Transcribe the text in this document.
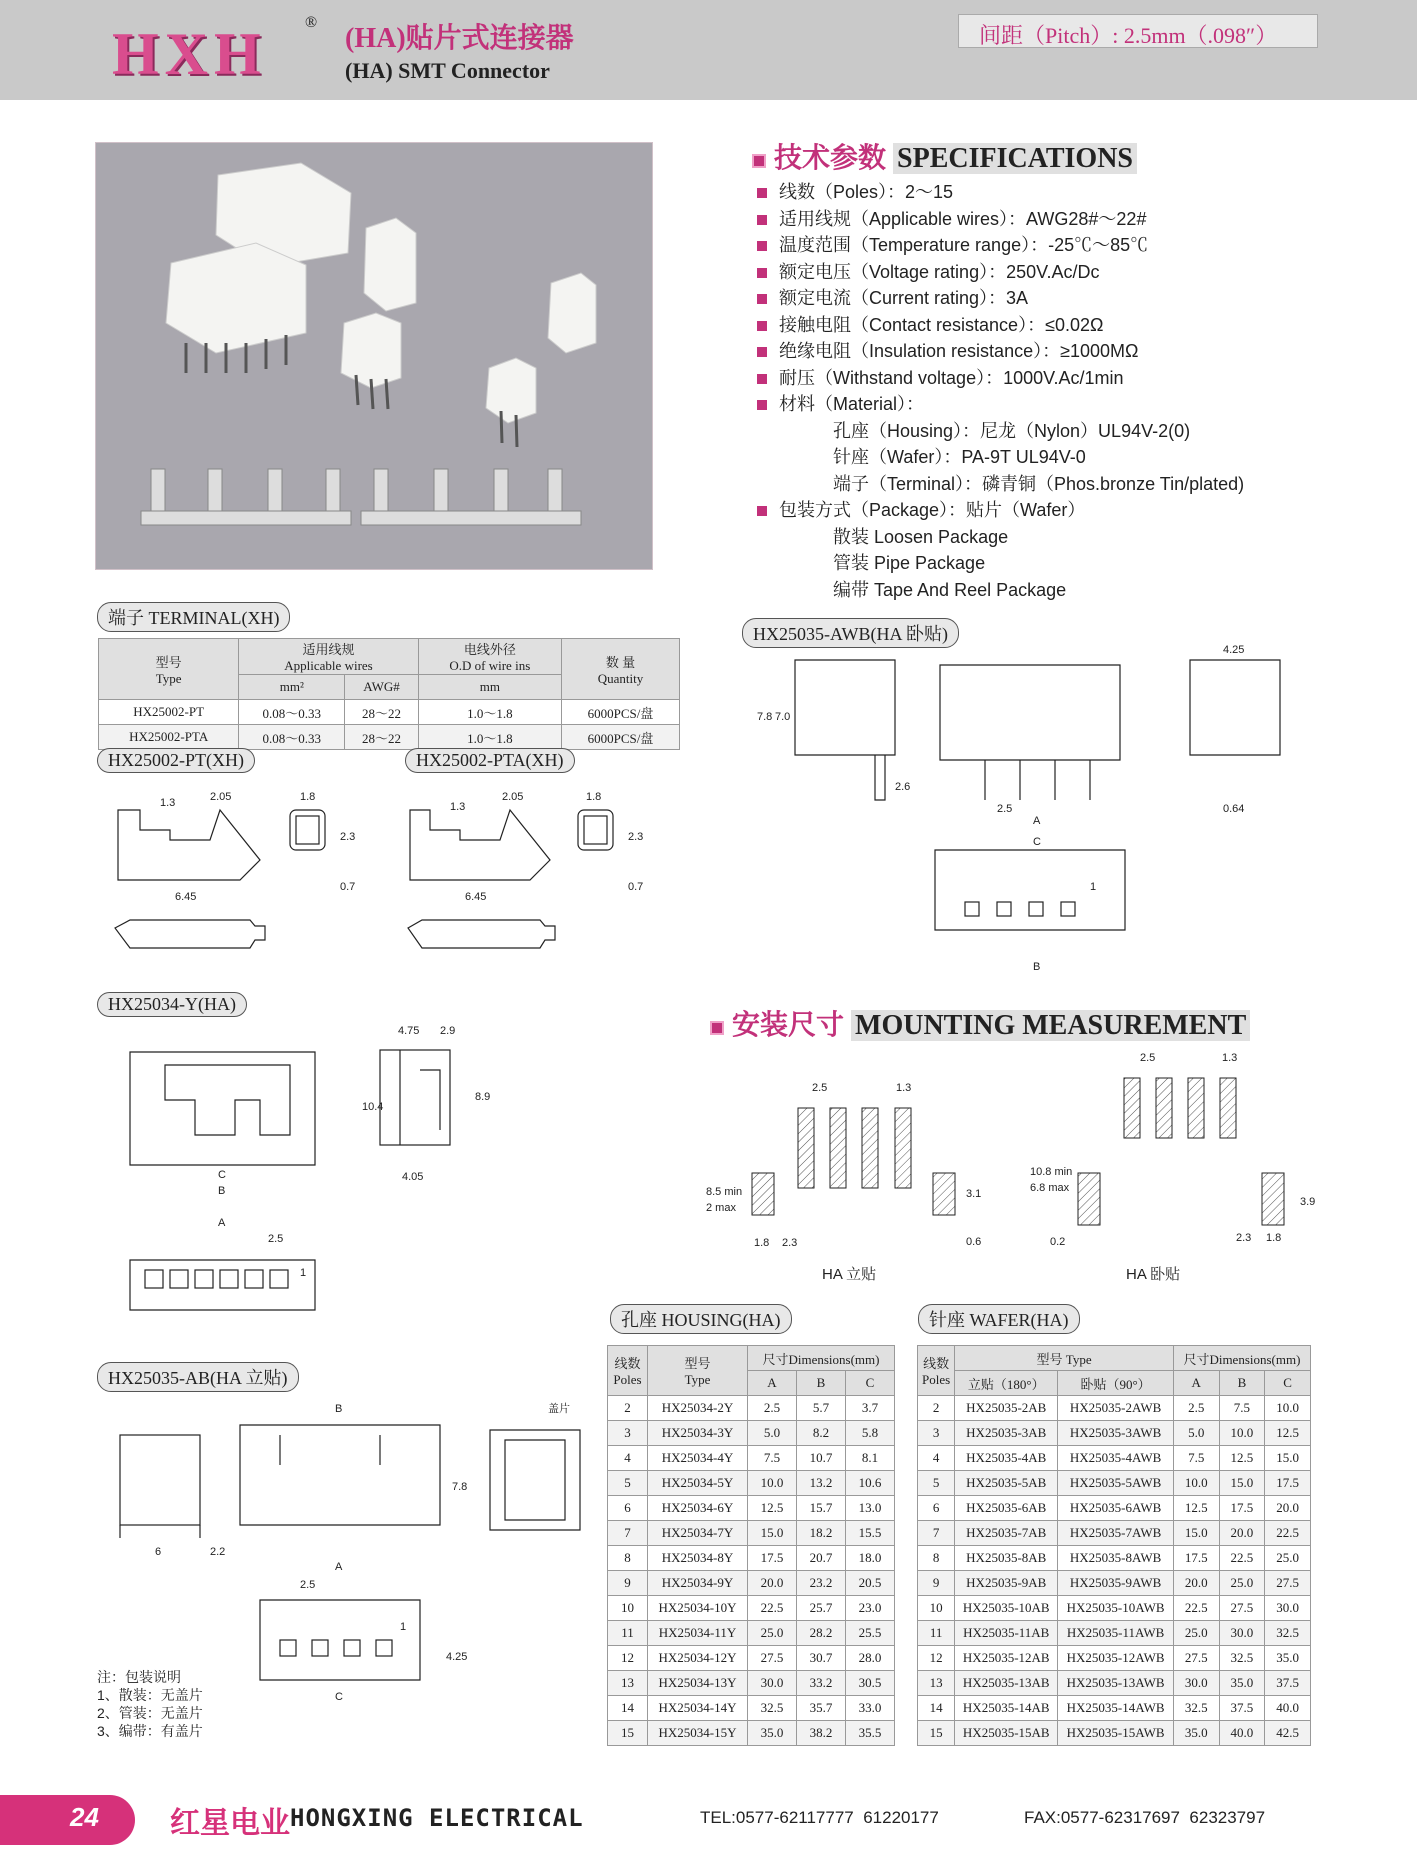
HXH ®
(HA)贴片式连接器
(HA) SMT Connector
间距（Pitch）: 2.5mm（.098″）
技术参数 SPECIFICATIONS
线数（Poles）：2～15
适用线规（Applicable wires）：AWG28#～22#
温度范围（Temperature range）：-25℃～85℃
额定电压（Voltage rating）：250V.Ac/Dc
额定电流（Current rating）：3A
接触电阻（Contact resistance）：≤0.02Ω
绝缘电阻（Insulation resistance）：≥1000MΩ
耐压（Withstand voltage）：1000V.Ac/1min
材料（Material）：
孔座（Housing）：尼龙（Nylon）UL94V-2(0)
针座（Wafer）：PA-9T UL94V-0
端子（Terminal）：磷青铜（Phos.bronze Tin/plated)
包装方式（Package）：贴片（Wafer）
散装 Loosen Package
管装 Pipe Package
编带 Tape And Reel Package
端子 TERMINAL(XH)
型号
Type	适用线规
Applicable wires		电线外径
O.D of wire ins	数 量
Quantity
	mm²	AWG#	mm	
HX25002-PT	0.08～0.33	28～22	1.0～1.8	6000PCS/盘
HX25002-PTA	0.08～0.33	28～22	1.0～1.8	6000PCS/盘
HX25002-PT(XH)	HX25002-PTA(XH)
1.3	2.05	1.8
2.3
6.45
0.7
1.3
2.05	1.8
2.3
6.45
0.7
HX25034-Y(HA)
4.75 2.9
10.4
8.9
4.05
C
B
A
2.5
1
HX25035-AB(HA 立贴)
B
7.8
6	2.2
A
2.5
4.25
C
1
盖片
注：包装说明
1、散装：无盖片
2、管装：无盖片
3、编带：有盖片
HX25035-AWB(HA 卧贴)
7.8 7.0
2.6
2.5
A
4.25
0.64
C
B
1
安装尺寸 MOUNTING MEASUREMENT
2.5	1.3
8.5 min
2 max
3.1
1.8 2.3	0.6
2.5	1.3
10.8 min
6.8 max
3.9
0.2	2.3 1.8
HA 立贴	HA 卧贴
孔座 HOUSING(HA)
线数
Poles	型号
Type	尺寸Dimensions(mm)		
		A	B	C
2	HX25034-2Y	2.5	5.7	3.7
3	HX25034-3Y	5.0	8.2	5.8
4	HX25034-4Y	7.5	10.7	8.1
5	HX25034-5Y	10.0	13.2	10.6
6	HX25034-6Y	12.5	15.7	13.0
7	HX25034-7Y	15.0	18.2	15.5
8	HX25034-8Y	17.5	20.7	18.0
9	HX25034-9Y	20.0	23.2	20.5
10	HX25034-10Y	22.5	25.7	23.0
11	HX25034-11Y	25.0	28.2	25.5
12	HX25034-12Y	27.5	30.7	28.0
13	HX25034-13Y	30.0	33.2	30.5
14	HX25034-14Y	32.5	35.7	33.0
15	HX25034-15Y	35.0	38.2	35.5
针座 WAFER(HA)
线数
Poles	型号 Type		尺寸Dimensions(mm)		
	立贴（180°）	卧贴（90°）	A	B	C
2	HX25035-2AB	HX25035-2AWB	2.5	7.5	10.0
3	HX25035-3AB	HX25035-3AWB	5.0	10.0	12.5
4	HX25035-4AB	HX25035-4AWB	7.5	12.5	15.0
5	HX25035-5AB	HX25035-5AWB	10.0	15.0	17.5
6	HX25035-6AB	HX25035-6AWB	12.5	17.5	20.0
7	HX25035-7AB	HX25035-7AWB	15.0	20.0	22.5
8	HX25035-8AB	HX25035-8AWB	17.5	22.5	25.0
9	HX25035-9AB	HX25035-9AWB	20.0	25.0	27.5
10	HX25035-10AB	HX25035-10AWB	22.5	27.5	30.0
11	HX25035-11AB	HX25035-11AWB	25.0	30.0	32.5
12	HX25035-12AB	HX25035-12AWB	27.5	32.5	35.0
13	HX25035-13AB	HX25035-13AWB	30.0	35.0	37.5
14	HX25035-14AB	HX25035-14AWB	32.5	37.5	40.0
15	HX25035-15AB	HX25035-15AWB	35.0	40.0	42.5
24 红星电业 HONGXING ELECTRICAL	TEL:0577-62117777  61220177	FAX:0577-62317697  62323797
